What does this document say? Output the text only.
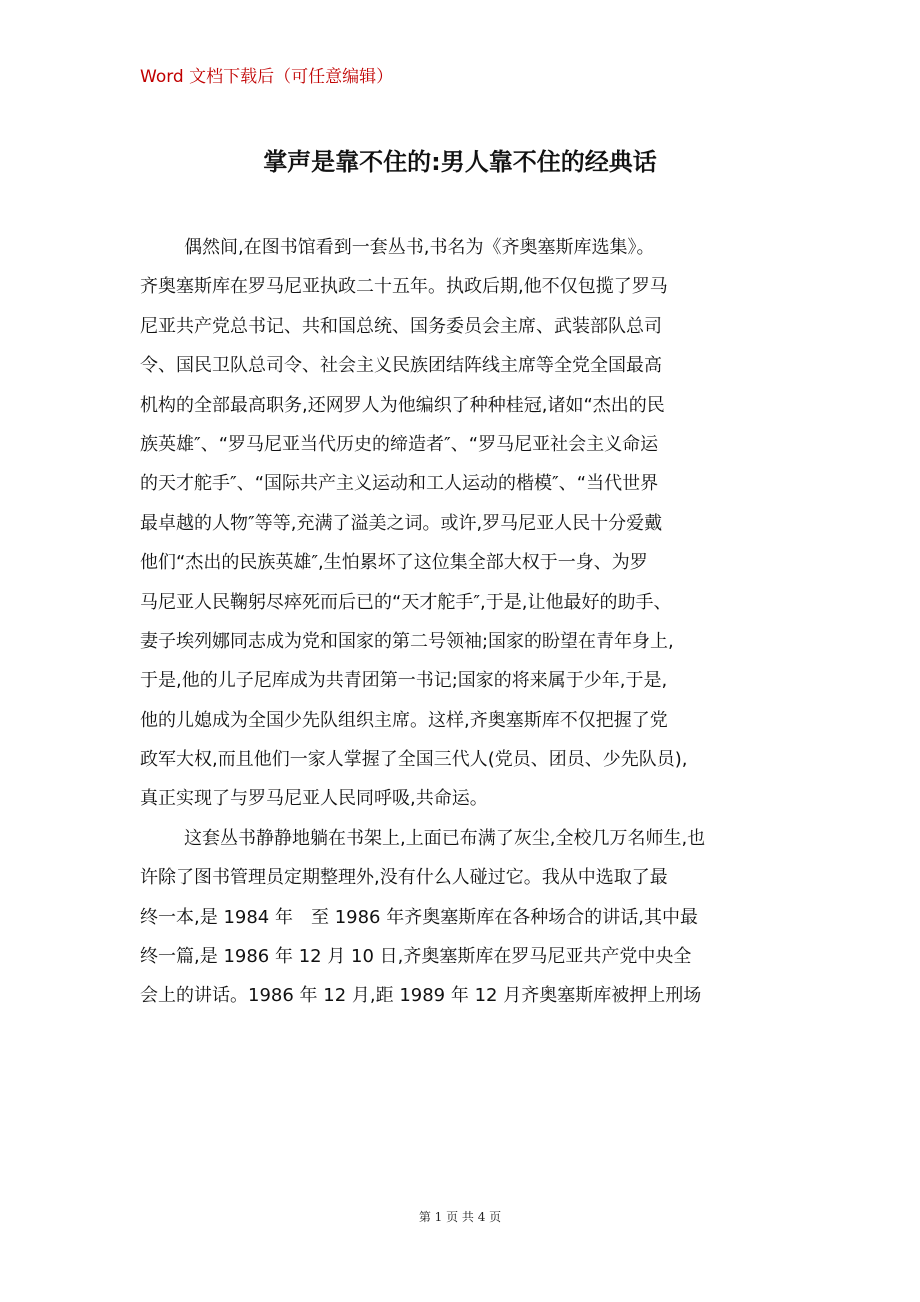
Word 文档下载后（可任意编辑）
掌声是靠不住的:男人靠不住的经典话
偶然间,在图书馆看到一套丛书,书名为《齐奥塞斯库选集》。
齐奥塞斯库在罗马尼亚执政二十五年。执政后期,他不仅包揽了罗马
尼亚共产党总书记、共和国总统、国务委员会主席、武装部队总司
令、国民卫队总司令、社会主义民族团结阵线主席等全党全国最高
机构的全部最高职务,还网罗人为他编织了种种桂冠,诸如“杰出的民
族英雄″、“罗马尼亚当代历史的缔造者″、“罗马尼亚社会主义命运
的天才舵手″、“国际共产主义运动和工人运动的楷模″、“当代世界
最卓越的人物″等等,充满了溢美之词。或许,罗马尼亚人民十分爱戴
他们“杰出的民族英雄″,生怕累坏了这位集全部大权于一身、为罗
马尼亚人民鞠躬尽瘁死而后已的“天才舵手″,于是,让他最好的助手、
妻子埃列娜同志成为党和国家的第二号领袖;国家的盼望在青年身上,
于是,他的儿子尼库成为共青团第一书记;国家的将来属于少年,于是,
他的儿媳成为全国少先队组织主席。这样,齐奥塞斯库不仅把握了党
政军大权,而且他们一家人掌握了全国三代人(党员、团员、少先队员),
真正实现了与罗马尼亚人民同呼吸,共命运。
这套丛书静静地躺在书架上,上面已布满了灰尘,全校几万名师生,也
许除了图书管理员定期整理外,没有什么人碰过它。我从中选取了最
终一本,是 1984 年　至 1986 年齐奥塞斯库在各种场合的讲话,其中最
终一篇,是 1986 年 12 月 10 日,齐奥塞斯库在罗马尼亚共产党中央全
会上的讲话。1986 年 12 月,距 1989 年 12 月齐奥塞斯库被押上刑场
第 1 页 共 4 页
